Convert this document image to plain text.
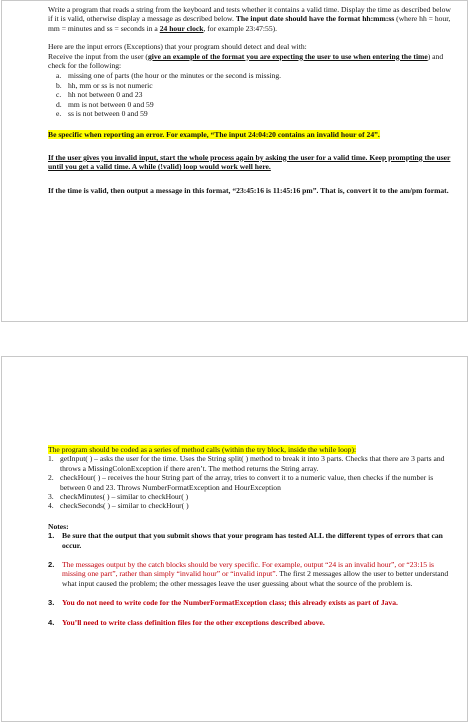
Write a program that reads a string from the keyboard and tests whether it contains a valid time. Display the time as described below if it is valid, otherwise display a message as described below. The input date should have the format hh:mm:ss (where hh = hour, mm = minutes and ss = seconds in a 24 hour clock, for example 23:47:55).

Here are the input errors (Exceptions) that your program should detect and deal with:

Receive the input from the user (give an example of the format you are expecting the user to use when entering the time) and check for the following:

a. missing one of parts (the hour or the minutes or the second is missing.
b. hh, mm or ss is not numeric
c. hh not between 0 and 23
d. mm is not between 0 and 59
e. ss is not between 0 and 59

Be specific when reporting an error. For example, “The input 24:04:20 contains an invalid hour of 24”.

If the user gives you invalid input, start the whole process again by asking the user for a valid time. Keep prompting the user until you get a valid time. A while (!valid) loop would work well here.

If the time is valid, then output a message in this format, “23:45:16 is 11:45:16 pm”. That is, convert it to the am/pm format.

The program should be coded as a series of method calls (within the try block, inside the while loop):

1. getInput( ) – asks the user for the time. Uses the String split( ) method to break it into 3 parts. Checks that there are 3 parts and throws a MissingColonException if there aren’t. The method returns the String array.
2. checkHour( ) – receives the hour String part of the array, tries to convert it to a numeric value, then checks if the number is between 0 and 23. Throws NumberFormatException and HourException
3. checkMinutes( ) – similar to checkHour( )
4. checkSeconds( ) – similar to checkHour( )

Notes:

1. Be sure that the output that you submit shows that your program has tested ALL the different types of errors that can occur.
2. The messages output by the catch blocks should be very specific. For example, output “24 is an invalid hour”, or “23:15 is missing one part”, rather than simply “invalid hour” or “invalid input”. The first 2 messages allow the user to better understand what input caused the problem; the other messages leave the user guessing about what the source of the problem is.
3. You do not need to write code for the NumberFormatException class; this already exists as part of Java.
4. You’ll need to write class definition files for the other exceptions described above.
